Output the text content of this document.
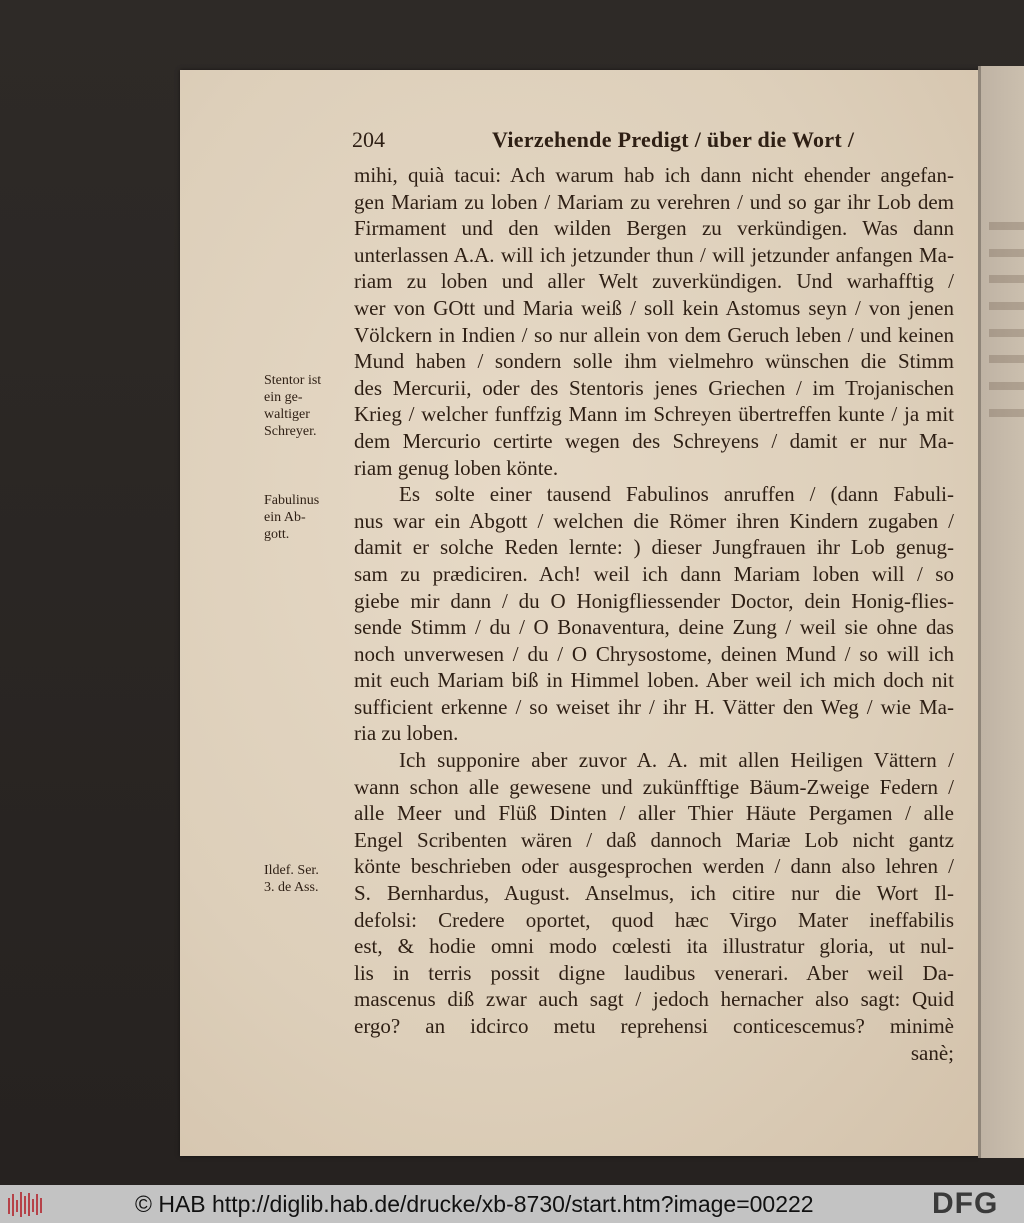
204	Vierzehende Predigt / über die Wort /
mihi, quià tacui: Ach warum hab ich dann nicht ehender angefan-
gen Mariam zu loben / Mariam zu verehren / und so gar ihr Lob dem
Firmament und den wilden Bergen zu verkündigen. Was dann
unterlassen A.A. will ich jetzunder thun / will jetzunder anfangen Ma-
riam zu loben und aller Welt zuverkündigen. Und warhafftig /
wer von GOtt und Maria weiß / soll kein Astomus seyn / von jenen
Völckern in Indien / so nur allein von dem Geruch leben / und keinen
Mund haben / sondern solle ihm vielmehro wünschen die Stimm
des Mercurii, oder des Stentoris jenes Griechen / im Trojanischen
Krieg / welcher funffzig Mann im Schreyen übertreffen kunte / ja mit
dem Mercurio certirte wegen des Schreyens / damit er nur Ma-
riam genug loben könte.
Es solte einer tausend Fabulinos anruffen / (dann Fabuli-
nus war ein Abgott / welchen die Römer ihren Kindern zugaben /
damit er solche Reden lernte: ) dieser Jungfrauen ihr Lob genug-
sam zu prædiciren. Ach! weil ich dann Mariam loben will / so
giebe mir dann / du O Honigfliessender Doctor, dein Honig-flies-
sende Stimm / du / O Bonaventura, deine Zung / weil sie ohne das
noch unverwesen / du / O Chrysostome, deinen Mund / so will ich
mit euch Mariam biß in Himmel loben. Aber weil ich mich doch nit
sufficient erkenne / so weiset ihr / ihr H. Vätter den Weg / wie Ma-
ria zu loben.
Ich supponire aber zuvor A. A. mit allen Heiligen Vättern /
wann schon alle gewesene und zukünfftige Bäum-Zweige Federn /
alle Meer und Flüß Dinten / aller Thier Häute Pergamen / alle
Engel Scribenten wären / daß dannoch Mariæ Lob nicht gantz
könte beschrieben oder ausgesprochen werden / dann also lehren /
S. Bernhardus, August. Anselmus, ich citire nur die Wort Il-
defolsi: Credere oportet, quod hæc Virgo Mater ineffabilis
est, & hodie omni modo cœlesti ita illustratur gloria, ut nul-
lis in terris possit digne laudibus venerari. Aber weil Da-
mascenus diß zwar auch sagt / jedoch hernacher also sagt: Quid
ergo? an idcirco metu reprehensi conticescemus? minimè
sanè;
Stentor ist
ein ge-
waltiger
Schreyer.
Fabulinus
ein Ab-
gott.
Ildef. Ser.
3. de Ass.
© HAB http://diglib.hab.de/drucke/xb-8730/start.htm?image=00222	DFG
